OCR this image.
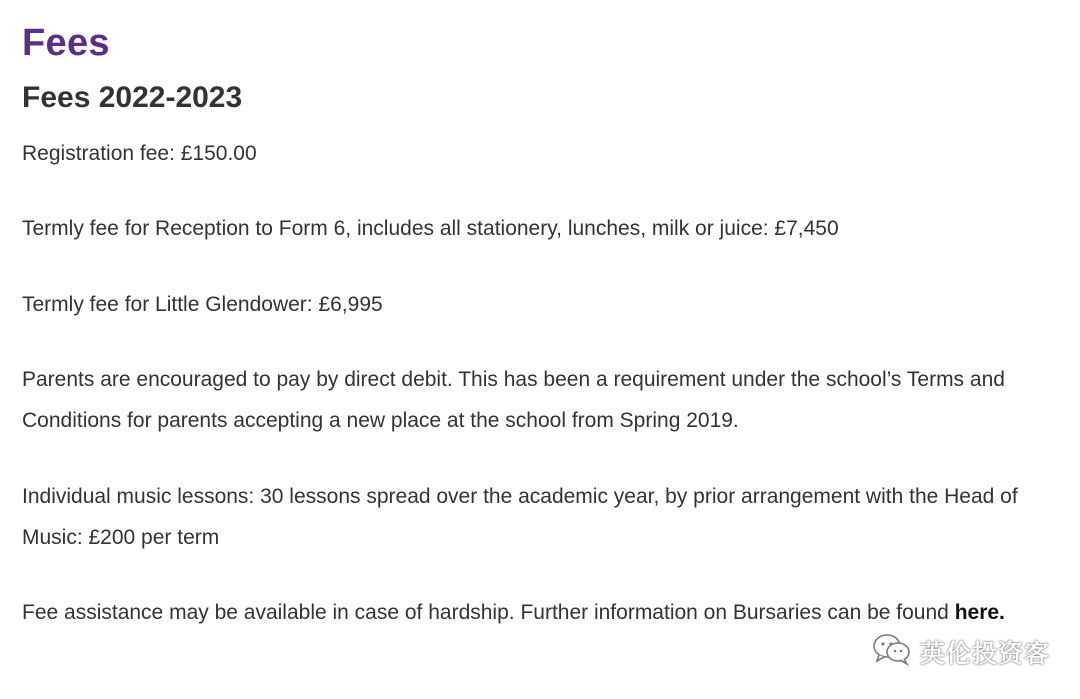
Fees
Fees 2022-2023

Registration fee: £150.00

Termly fee for Reception to Form 6, includes all stationery, lunches, milk or juice: £7,450

Termly fee for Little Glendower: £6,995

Parents are encouraged to pay by direct debit. This has been a requirement under the school’s Terms and Conditions for parents accepting a new place at the school from Spring 2019.

Individual music lessons: 30 lessons spread over the academic year, by prior arrangement with the Head of Music: £200 per term

Fee assistance may be available in case of hardship. Further information on Bursaries can be found here.

英伦投资客
